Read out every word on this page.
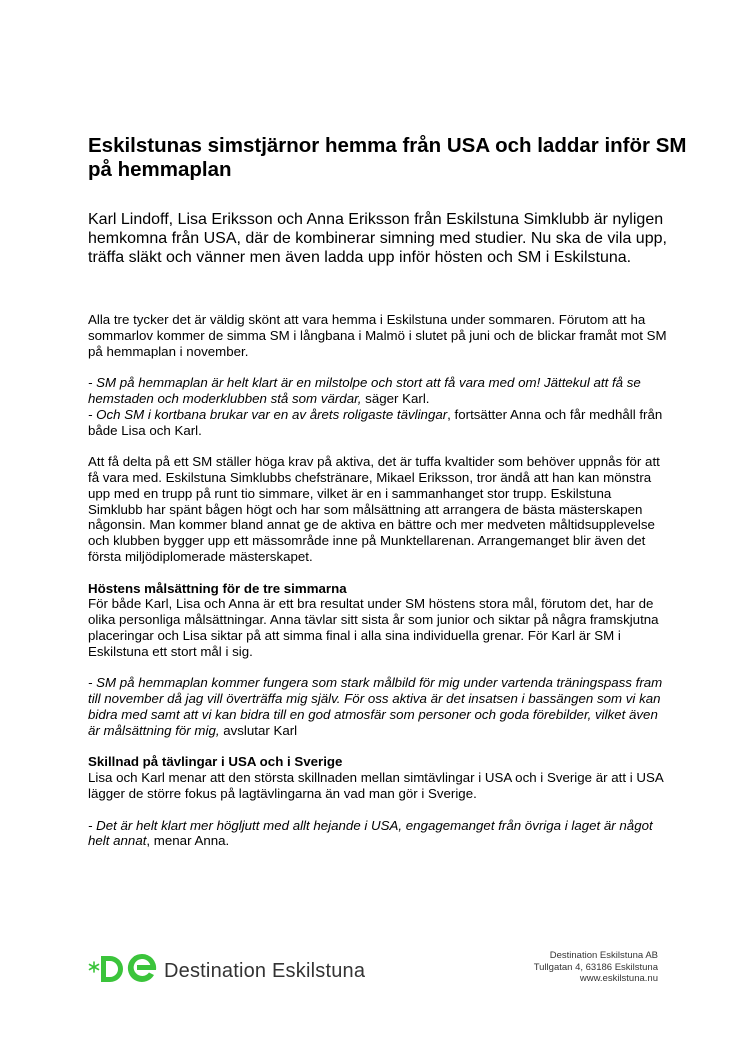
Eskilstunas simstjärnor hemma från USA och laddar inför SM på hemmaplan

Karl Lindoff, Lisa Eriksson och Anna Eriksson från Eskilstuna Simklubb är nyligen hemkomna från USA, där de kombinerar simning med studier. Nu ska de vila upp, träffa släkt och vänner men även ladda upp inför hösten och SM i Eskilstuna.

Alla tre tycker det är väldig skönt att vara hemma i Eskilstuna under sommaren. Förutom att ha sommarlov kommer de simma SM i långbana i Malmö i slutet på juni och de blickar framåt mot SM på hemmaplan i november.

- SM på hemmaplan är helt klart är en milstolpe och stort att få vara med om! Jättekul att få se hemstaden och moderklubben stå som värdar, säger Karl.

- Och SM i kortbana brukar var en av årets roligaste tävlingar, fortsätter Anna och får medhåll från både Lisa och Karl.

Att få delta på ett SM ställer höga krav på aktiva, det är tuffa kvaltider som behöver uppnås för att få vara med. Eskilstuna Simklubbs chefstränare, Mikael Eriksson, tror ändå att han kan mönstra upp med en trupp på runt tio simmare, vilket är en i sammanhanget stor trupp. Eskilstuna Simklubb har spänt bågen högt och har som målsättning att arrangera de bästa mästerskapen någonsin. Man kommer bland annat ge de aktiva en bättre och mer medveten måltidsupplevelse och klubben bygger upp ett mässområde inne på Munktellarenan. Arrangemanget blir även det första miljödiplomerade mästerskapet.

Höstens målsättning för de tre simmarna
För både Karl, Lisa och Anna är ett bra resultat under SM höstens stora mål, förutom det, har de olika personliga målsättningar. Anna tävlar sitt sista år som junior och siktar på några framskjutna placeringar och Lisa siktar på att simma final i alla sina individuella grenar. För Karl är SM i Eskilstuna ett stort mål i sig.

- SM på hemmaplan kommer fungera som stark målbild för mig under vartenda träningspass fram till november då jag vill överträffa mig själv. För oss aktiva är det insatsen i bassängen som vi kan bidra med samt att vi kan bidra till en god atmosfär som personer och goda förebilder, vilket även är målsättning för mig, avslutar Karl

Skillnad på tävlingar i USA och i Sverige
Lisa och Karl menar att den största skillnaden mellan simtävlingar i USA och i Sverige är att i USA lägger de större fokus på lagtävlingarna än vad man gör i Sverige.

- Det är helt klart mer högljutt med allt hejande i USA, engagemanget från övriga i laget är något helt annat, menar Anna.

Destination Eskilstuna
Destination Eskilstuna AB
Tullgatan 4, 63186 Eskilstuna
www.eskilstuna.nu
